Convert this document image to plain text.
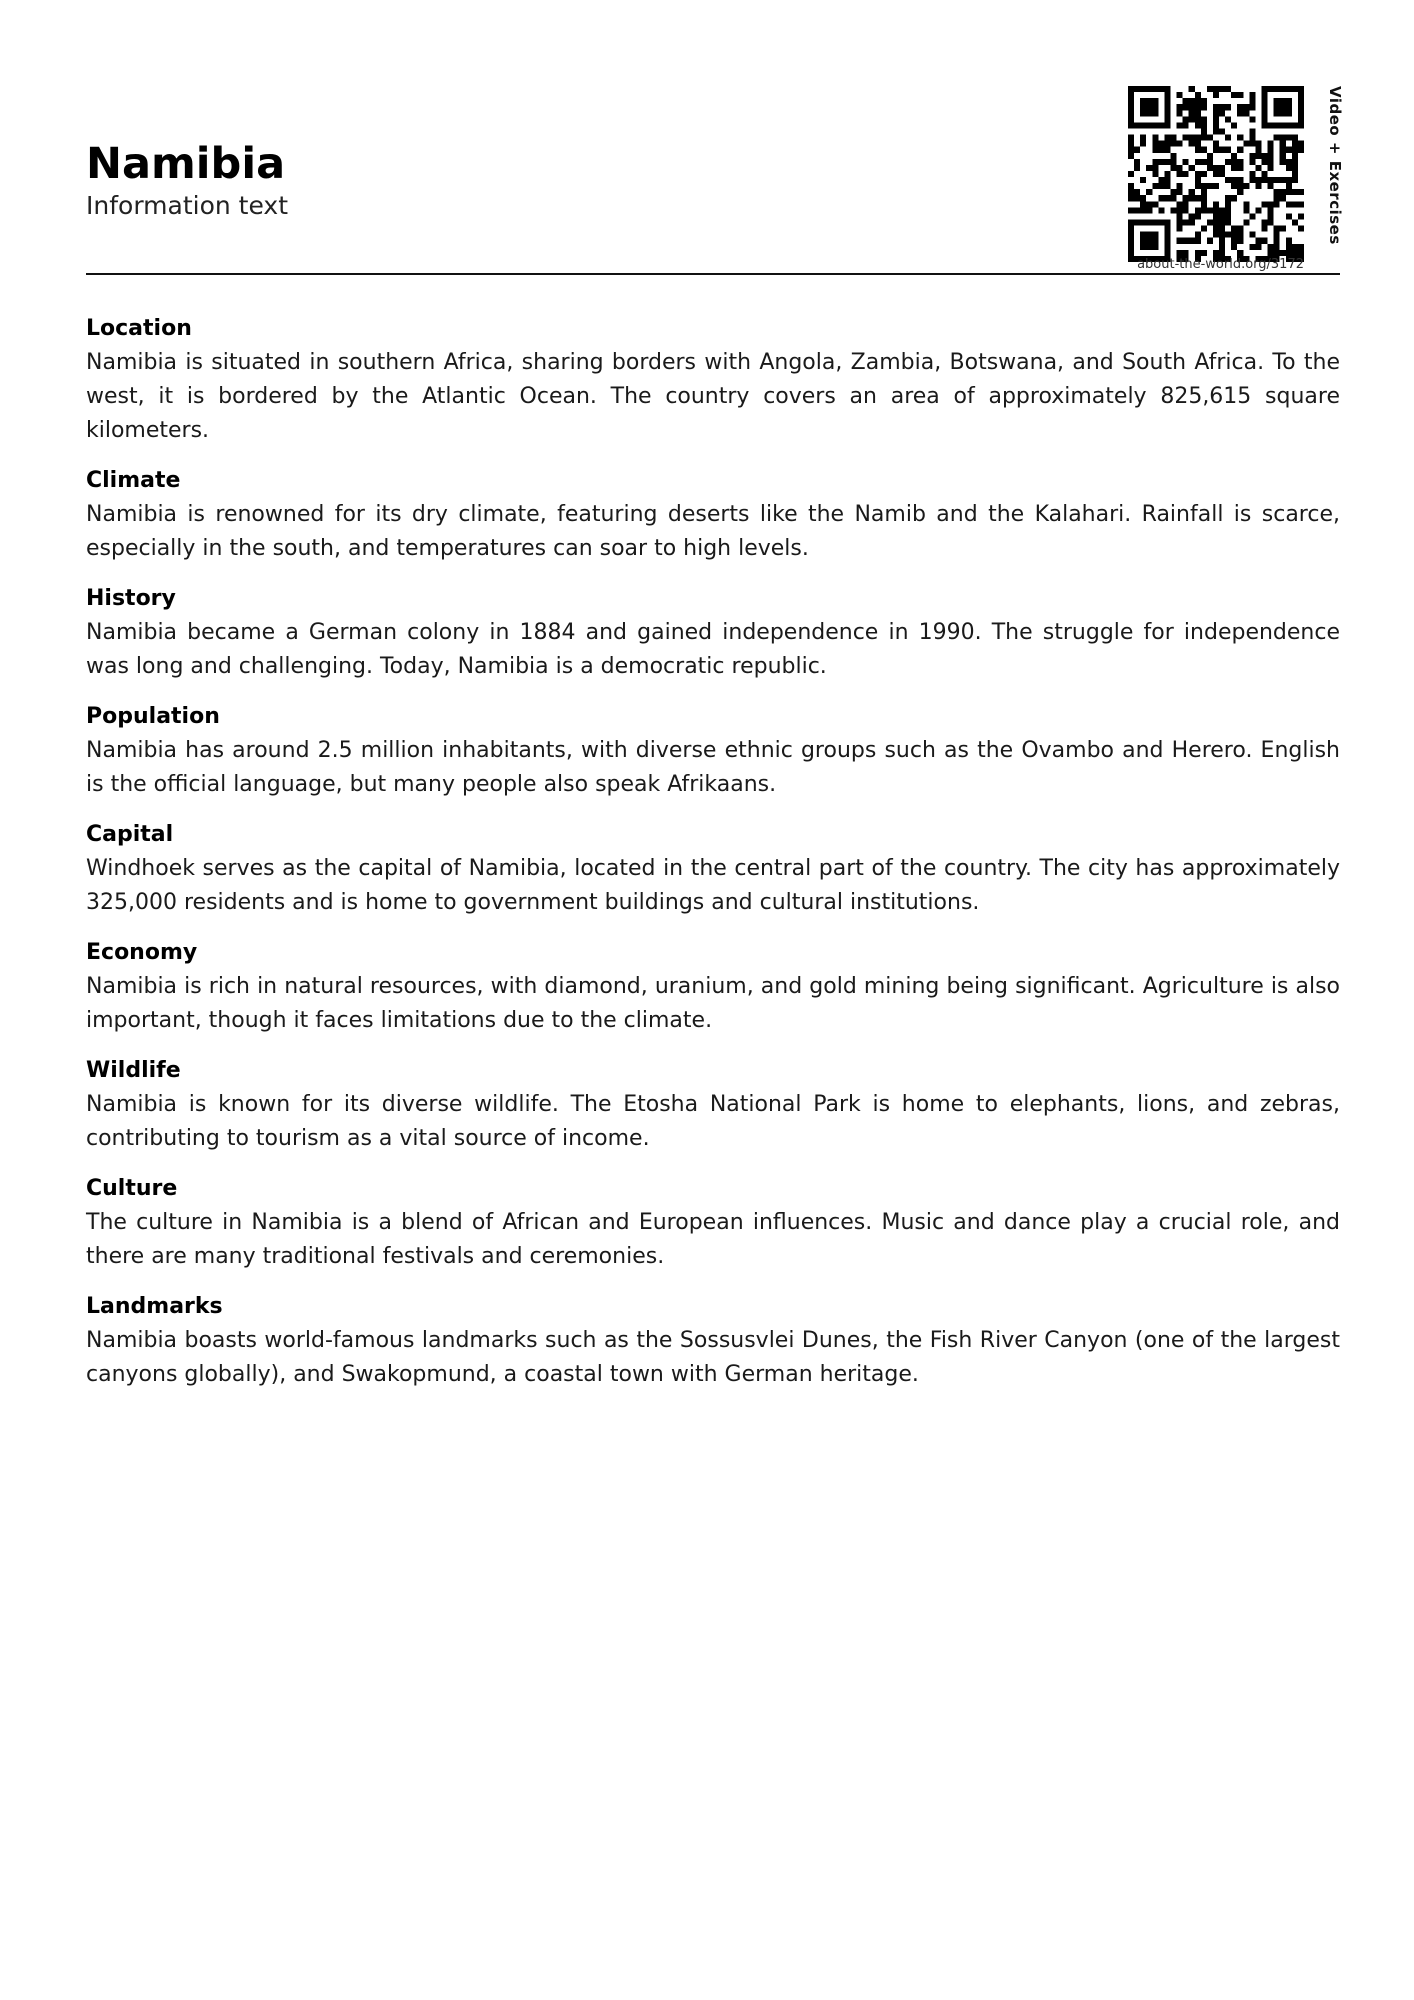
Namibia
Information text
about-the-world.org/3172
Video + Exercises
Location

Namibia is situated in southern Africa, sharing borders with Angola, Zambia, Botswana, and South Africa. To the west, it is bordered by the Atlantic Ocean. The country covers an area of approximately 825,615 square kilometers.

Climate

Namibia is renowned for its dry climate, featuring deserts like the Namib and the Kalahari. Rainfall is scarce, especially in the south, and temperatures can soar to high levels.

History

Namibia became a German colony in 1884 and gained independence in 1990. The struggle for independence was long and challenging. Today, Namibia is a democratic republic.

Population

Namibia has around 2.5 million inhabitants, with diverse ethnic groups such as the Ovambo and Herero. English is the official language, but many people also speak Afrikaans.

Capital

Windhoek serves as the capital of Namibia, located in the central part of the country. The city has approximately 325,000 residents and is home to government buildings and cultural institutions.

Economy

Namibia is rich in natural resources, with diamond, uranium, and gold mining being significant. Agriculture is also important, though it faces limitations due to the climate.

Wildlife

Namibia is known for its diverse wildlife. The Etosha National Park is home to elephants, lions, and zebras, contributing to tourism as a vital source of income.

Culture

The culture in Namibia is a blend of African and European influences. Music and dance play a crucial role, and there are many traditional festivals and ceremonies.

Landmarks

Namibia boasts world-famous landmarks such as the Sossusvlei Dunes, the Fish River Canyon (one of the largest canyons globally), and Swakopmund, a coastal town with German heritage.
